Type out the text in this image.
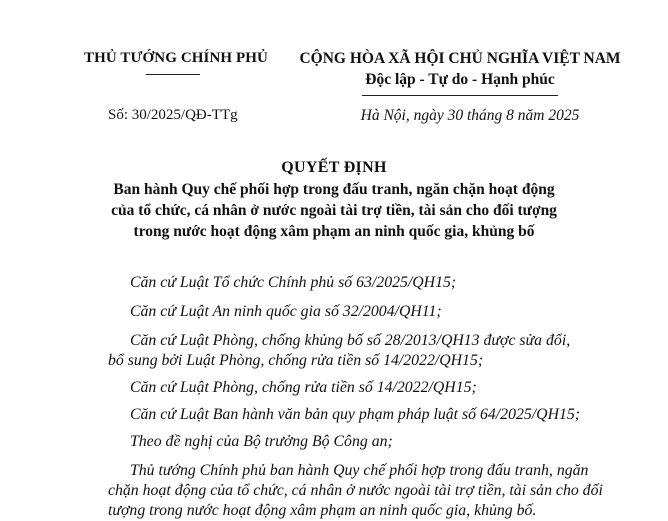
THỦ TƯỚNG CHÍNH PHỦ
Số: 30/2025/QĐ-TTg
CỘNG HÒA XÃ HỘI CHỦ NGHĨA VIỆT NAM
Độc lập - Tự do - Hạnh phúc
Hà Nội, ngày 30 tháng 8 năm 2025
QUYẾT ĐỊNH
Ban hành Quy chế phối hợp trong đấu tranh, ngăn chặn hoạt động
của tổ chức, cá nhân ở nước ngoài tài trợ tiền, tài sản cho đối tượng
trong nước hoạt động xâm phạm an ninh quốc gia, khủng bố
Căn cứ Luật Tổ chức Chính phủ số 63/2025/QH15;
Căn cứ Luật An ninh quốc gia số 32/2004/QH11;
Căn cứ Luật Phòng, chống khủng bố số 28/2013/QH13 được sửa đổi,
bổ sung bởi Luật Phòng, chống rửa tiền số 14/2022/QH15;
Căn cứ Luật Phòng, chống rửa tiền số 14/2022/QH15;
Căn cứ Luật Ban hành văn bản quy phạm pháp luật số 64/2025/QH15;
Theo đề nghị của Bộ trưởng Bộ Công an;
Thủ tướng Chính phủ ban hành Quy chế phối hợp trong đấu tranh, ngăn
chặn hoạt động của tổ chức, cá nhân ở nước ngoài tài trợ tiền, tài sản cho đối
tượng trong nước hoạt động xâm phạm an ninh quốc gia, khủng bố.
